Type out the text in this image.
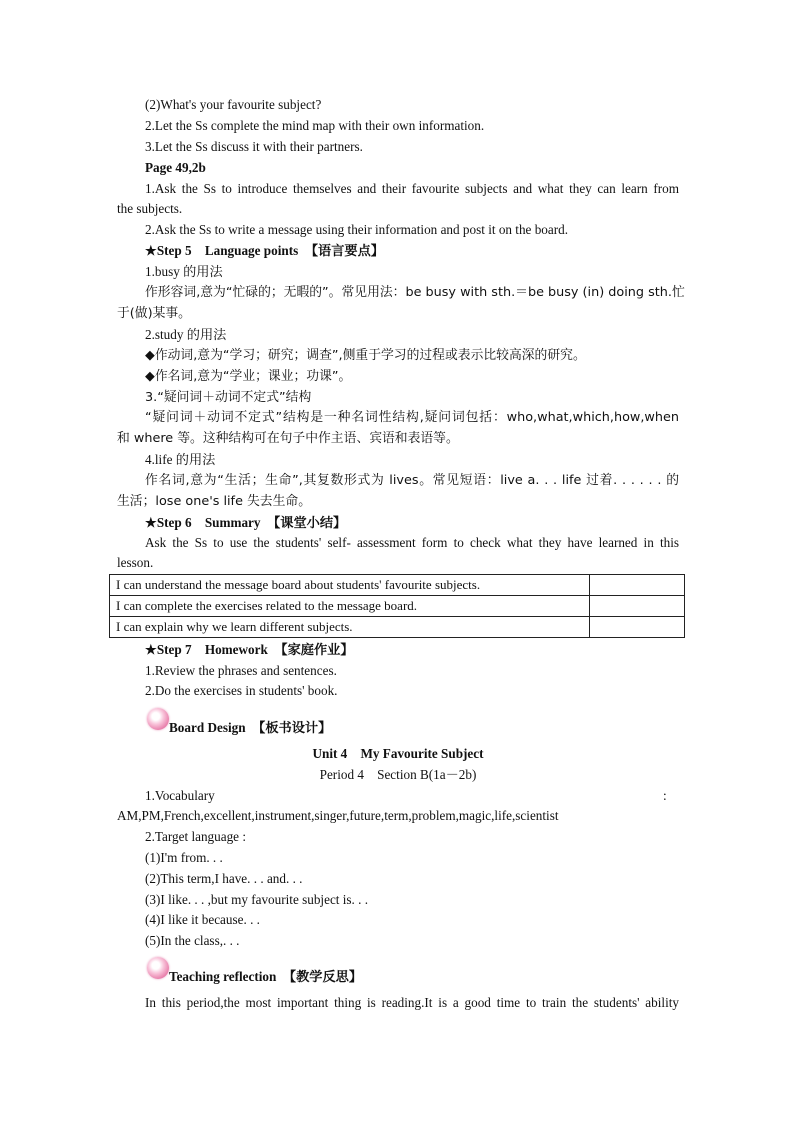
(2)What's your favourite subject?
2.Let the Ss complete the mind map with their own information.
3.Let the Ss discuss it with their partners.
Page 49,2b
1.Ask the Ss to introduce themselves and their favourite subjects and what they can learn from
the subjects.
2.Ask the Ss to write a message using their information and post it on the board.
★Step 5　Language points　【语言要点】
1.busy 的用法
作形容词,意为“忙碌的；无暇的”。常见用法：be busy with sth.＝be busy (in) doing sth.忙
于(做)某事。
2.study 的用法
◆作动词,意为“学习；研究；调查”,侧重于学习的过程或表示比较高深的研究。
◆作名词,意为“学业；课业；功课”。
3.“疑问词＋动词不定式”结构
“疑问词＋动词不定式”结构是一种名词性结构,疑问词包括：who,what,which,how,when
和 where 等。这种结构可在句子中作主语、宾语和表语等。
4.life 的用法
作名词,意为“生活；生命”,其复数形式为 lives。常见短语：live a. . . life 过着. . . . . . 的
生活；lose one's life 失去生命。
★Step 6　Summary　【课堂小结】
Ask the Ss to use the students' self- assessment form to check what they have learned in this
lesson.
I can understand the message board about students' favourite subjects.	
I can complete the exercises related to the message board.	
I can explain why we learn different subjects.	
★Step 7　Homework　【家庭作业】
1.Review the phrases and sentences.
2.Do the exercises in students' book.
Board Design　【板书设计】
Unit 4　My Favourite Subject
Period 4　Section B(1a－2b)
1.Vocabulary	:
AM,PM,French,excellent,instrument,singer,future,term,problem,magic,life,scientist
2.Target language :
(1)I'm from. . .
(2)This term,I have. . . and. . .
(3)I like. . . ,but my favourite subject is. . .
(4)I like it because. . .
(5)In the class,. . .
Teaching reflection　【教学反思】
In this period,the most important thing is reading.It is a good time to train the students' ability
